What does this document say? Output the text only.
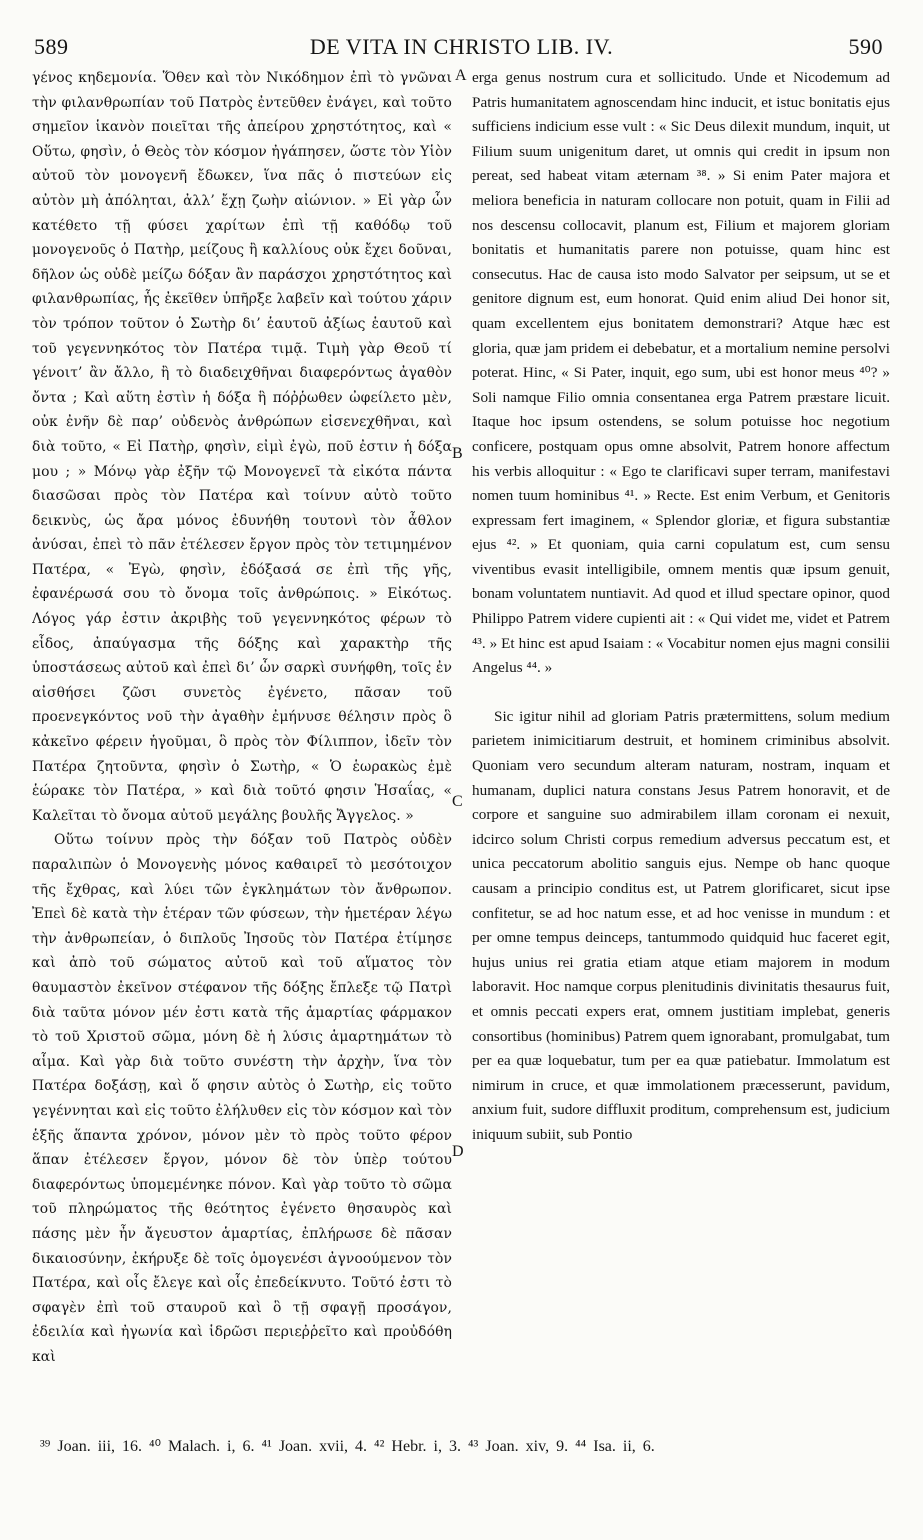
589	DE VITA IN CHRISTO LIB. IV.	590

γένος κηδεμονία. Ὅθεν καὶ τὸν Νικόδημον ἐπὶ τὸ γνῶναι τὴν φιλανθρωπίαν τοῦ Πατρὸς ἐντεῦθεν ἐνάγει, καὶ τοῦτο σημεῖον ἱκανὸν ποιεῖται τῆς ἀπείρου χρηστότητος, καὶ « Οὕτω, φησὶν, ὁ Θεὸς τὸν κόσμον ἠγάπησεν, ὥστε τὸν Υἱὸν αὐτοῦ τὸν μονογενῆ ἔδωκεν, ἵνα πᾶς ὁ πιστεύων εἰς αὐτὸν μὴ ἀπόληται, ἀλλ’ ἔχῃ ζωὴν αἰώνιον. » Εἰ γὰρ ὧν κατέθετο τῇ φύσει χαρίτων ἐπὶ τῇ καθόδῳ τοῦ μονογενοῦς ὁ Πατὴρ, μείζους ἢ καλλίους οὐκ ἔχει δοῦναι, δῆλον ὡς οὐδὲ μείζω δόξαν ἂν παράσχοι χρηστότητος καὶ φιλανθρωπίας, ἧς ἐκεῖθεν ὑπῆρξε λαβεῖν καὶ τούτου χάριν τὸν τρόπον τοῦτον ὁ Σωτὴρ δι’ ἑαυτοῦ ἀξίως ἑαυτοῦ καὶ τοῦ γεγεννηκότος τὸν Πατέρα τιμᾷ. Τιμὴ γὰρ Θεοῦ τί γένοιτ’ ἂν ἄλλο, ἢ τὸ διαδειχθῆναι διαφερόντως ἀγαθὸν ὄντα ; Καὶ αὕτη ἐστὶν ἡ δόξα ἣ πόῤῥωθεν ὠφείλετο μὲν, οὐκ ἐνῆν δὲ παρ’ οὐδενὸς ἀνθρώπων εἰσενεχθῆναι, καὶ διὰ τοῦτο, « Εἰ Πατὴρ, φησὶν, εἰμὶ ἐγὼ, ποῦ ἐστιν ἡ δόξα μου ; » Μόνῳ γὰρ ἐξῆν τῷ Μονογενεῖ τὰ εἰκότα πάντα διασῶσαι πρὸς τὸν Πατέρα καὶ τοίνυν αὐτὸ τοῦτο δεικνὺς, ὡς ἄρα μόνος ἐδυνήθη τουτονὶ τὸν ἆθλον ἀνύσαι, ἐπεὶ τὸ πᾶν ἐτέλεσεν ἔργον πρὸς τὸν τετιμημένον Πατέρα, « Ἐγὼ, φησὶν, ἐδόξασά σε ἐπὶ τῆς γῆς, ἐφανέρωσά σου τὸ ὄνομα τοῖς ἀνθρώποις. » Εἰκότως. Λόγος γάρ ἐστιν ἀκριβὴς τοῦ γεγεννηκότος φέρων τὸ εἶδος, ἀπαύγασμα τῆς δόξης καὶ χαρακτὴρ τῆς ὑποστάσεως αὐτοῦ καὶ ἐπεὶ δι’ ὧν σαρκὶ συνήφθη, τοῖς ἐν αἰσθήσει ζῶσι συνετὸς ἐγένετο, πᾶσαν τοῦ προενεγκόντος νοῦ τὴν ἀγαθὴν ἐμήνυσε θέλησιν πρὸς ὃ κἀκεῖνο φέρειν ἡγοῦμαι, ὃ πρὸς τὸν Φίλιππον, ἰδεῖν τὸν Πατέρα ζητοῦντα, φησὶν ὁ Σωτὴρ, « Ὁ ἑωρακὼς ἐμὲ ἑώρακε τὸν Πατέρα, » καὶ διὰ τοῦτό φησιν Ἡσαΐας, « Καλεῖται τὸ ὄνομα αὐτοῦ μεγάλης βουλῆς Ἄγγελος. »

Οὕτω τοίνυν πρὸς τὴν δόξαν τοῦ Πατρὸς οὐδὲν παραλιπὼν ὁ Μονογενὴς μόνος καθαιρεῖ τὸ μεσότοιχον τῆς ἔχθρας, καὶ λύει τῶν ἐγκλημάτων τὸν ἄνθρωπον. Ἐπεὶ δὲ κατὰ τὴν ἑτέραν τῶν φύσεων, τὴν ἡμετέραν λέγω τὴν ἀνθρωπείαν, ὁ διπλοῦς Ἰησοῦς τὸν Πατέρα ἐτίμησε καὶ ἀπὸ τοῦ σώματος αὐτοῦ καὶ τοῦ αἵματος τὸν θαυμαστὸν ἐκεῖνον στέφανον τῆς δόξης ἔπλεξε τῷ Πατρὶ διὰ ταῦτα μόνον μέν ἐστι κατὰ τῆς ἁμαρτίας φάρμακον τὸ τοῦ Χριστοῦ σῶμα, μόνη δὲ ἡ λύσις ἁμαρτημάτων τὸ αἷμα. Καὶ γὰρ διὰ τοῦτο συνέστη τὴν ἀρχὴν, ἵνα τὸν Πατέρα δοξάσῃ, καὶ ὅ φησιν αὐτὸς ὁ Σωτὴρ, εἰς τοῦτο γεγέννηται καὶ εἰς τοῦτο ἐλήλυθεν εἰς τὸν κόσμον καὶ τὸν ἑξῆς ἅπαντα χρόνον, μόνον μὲν τὸ πρὸς τοῦτο φέρον ἅπαν ἐτέλεσεν ἔργον, μόνον δὲ τὸν ὑπὲρ τούτου διαφερόντως ὑπομεμένηκε πόνον. Καὶ γὰρ τοῦτο τὸ σῶμα τοῦ πληρώματος τῆς θεότητος ἐγένετο θησαυρὸς καὶ πάσης μὲν ἦν ἄγευστον ἁμαρτίας, ἐπλήρωσε δὲ πᾶσαν δικαιοσύνην, ἐκήρυξε δὲ τοῖς ὁμογενέσι ἀγνοούμενον τὸν Πατέρα, καὶ οἷς ἔλεγε καὶ οἷς ἐπεδείκνυτο. Τοῦτό ἐστι τὸ σφαγὲν ἐπὶ τοῦ σταυροῦ καὶ ὃ τῇ σφαγῇ προσάγον, ἐδειλία καὶ ἠγωνία καὶ ἱδρῶσι περιεῤῥεῖτο καὶ προὐδόθη καὶ

A
B
C
D

erga genus nostrum cura et sollicitudo. Unde et Nicodemum ad Patris humanitatem agnoscendam hinc inducit, et istuc bonitatis ejus sufficiens indicium esse vult : « Sic Deus dilexit mundum, inquit, ut Filium suum unigenitum daret, ut omnis qui credit in ipsum non pereat, sed habeat vitam æternam ³⁸. » Si enim Pater majora et meliora beneficia in naturam collocare non potuit, quam in Filii ad nos descensu collocavit, planum est, Filium et majorem gloriam bonitatis et humanitatis parere non potuisse, quam hinc est consecutus. Hac de causa isto modo Salvator per seipsum, ut se et genitore dignum est, eum honorat. Quid enim aliud Dei honor sit, quam excellentem ejus bonitatem demonstrari? Atque hæc est gloria, quæ jam pridem ei debebatur, et a mortalium nemine persolvi poterat. Hinc, « Si Pater, inquit, ego sum, ubi est honor meus ⁴⁰? » Soli namque Filio omnia consentanea erga Patrem præstare licuit. Itaque hoc ipsum ostendens, se solum potuisse hoc negotium conficere, postquam opus omne absolvit, Patrem honore affectum his verbis alloquitur : « Ego te clarificavi super terram, manifestavi nomen tuum hominibus ⁴¹. » Recte. Est enim Verbum, et Genitoris expressam fert imaginem, « Splendor gloriæ, et figura substantiæ ejus ⁴². » Et quoniam, quia carni copulatum est, cum sensu viventibus evasit intelligibile, omnem mentis quæ ipsum genuit, bonam voluntatem nuntiavit. Ad quod et illud spectare opinor, quod Philippo Patrem videre cupienti ait : « Qui videt me, videt et Patrem ⁴³. » Et hinc est apud Isaiam : « Vocabitur nomen ejus magni consilii Angelus ⁴⁴. »

Sic igitur nihil ad gloriam Patris prætermittens, solum medium parietem inimicitiarum destruit, et hominem criminibus absolvit. Quoniam vero secundum alteram naturam, nostram, inquam et humanam, duplici natura constans Jesus Patrem honoravit, et de corpore et sanguine suo admirabilem illam coronam ei nexuit, idcirco solum Christi corpus remedium adversus peccatum est, et unica peccatorum abolitio sanguis ejus. Nempe ob hanc quoque causam a principio conditus est, ut Patrem glorificaret, sicut ipse confitetur, se ad hoc natum esse, et ad hoc venisse in mundum : et per omne tempus deinceps, tantummodo quidquid huc faceret egit, hujus unius rei gratia etiam atque etiam majorem in modum laboravit. Hoc namque corpus plenitudinis divinitatis thesaurus fuit, et omnis peccati expers erat, omnem justitiam implebat, generis consortibus (hominibus) Patrem quem ignorabant, promulgabat, tum per ea quæ loquebatur, tum per ea quæ patiebatur. Immolatum est nimirum in cruce, et quæ immolationem præcesserunt, pavidum, anxium fuit, sudore diffluxit proditum, comprehensum est, judicium iniquum subiit, sub Pontio

³⁹ Joan. iii, 16. ⁴⁰ Malach. i, 6. ⁴¹ Joan. xvii, 4. ⁴² Hebr. i, 3. ⁴³ Joan. xiv, 9. ⁴⁴ Isa. ii, 6.
